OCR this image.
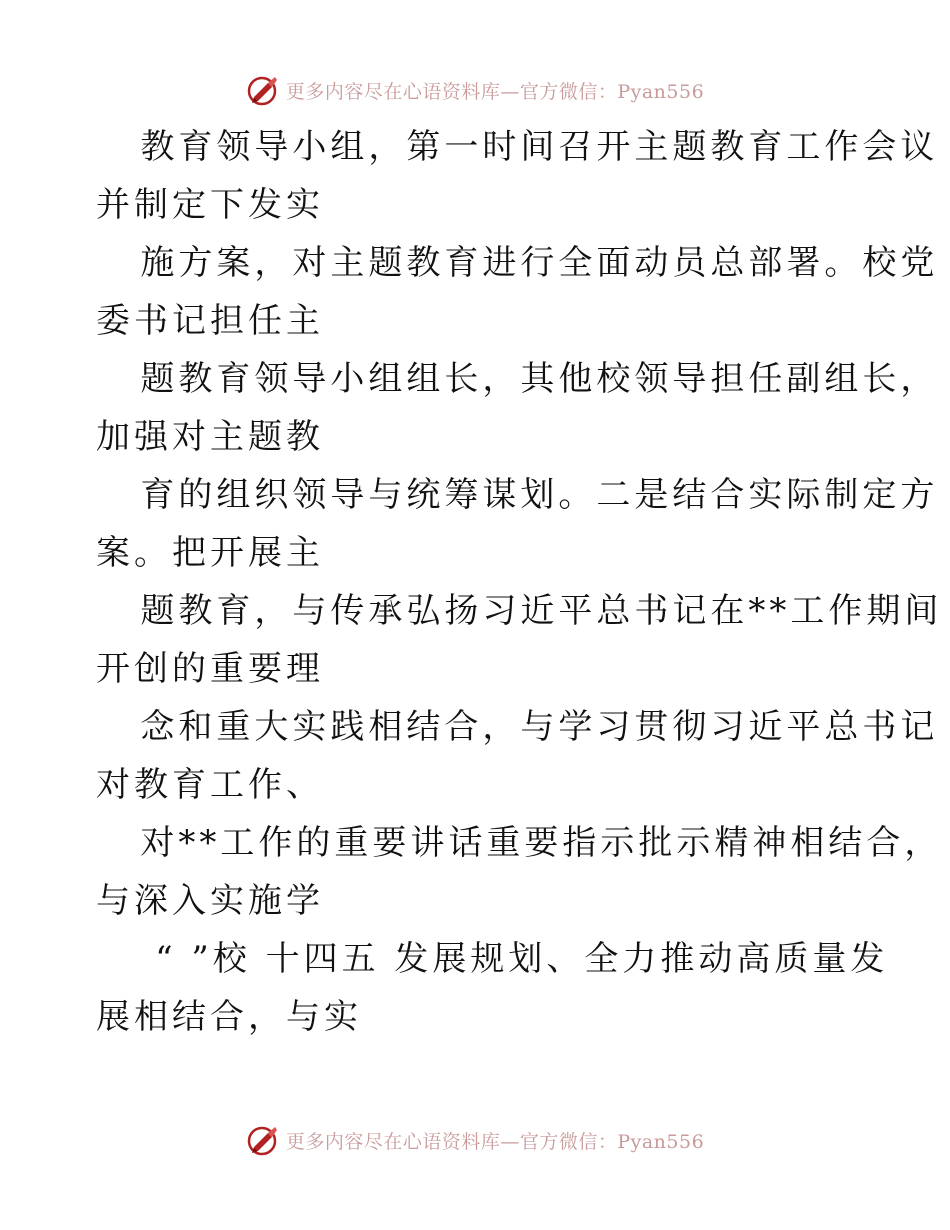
更多内容尽在心语资料库—官方微信：Pyan556

教育领导小组，第一时间召开主题教育工作会议

并制定下发实

施方案，对主题教育进行全面动员总部署。校党

委书记担任主

题教育领导小组组长，其他校领导担任副组长，

加强对主题教

育的组织领导与统筹谋划。二是结合实际制定方

案。把开展主

题教育，与传承弘扬习近平总书记在**工作期间

开创的重要理

念和重大实践相结合，与学习贯彻习近平总书记

对教育工作、

对**工作的重要讲话重要指示批示精神相结合，

与深入实施学

“ ”校 十四五 发展规划、全力推动高质量发

展相结合，与实

更多内容尽在心语资料库—官方微信：Pyan556
